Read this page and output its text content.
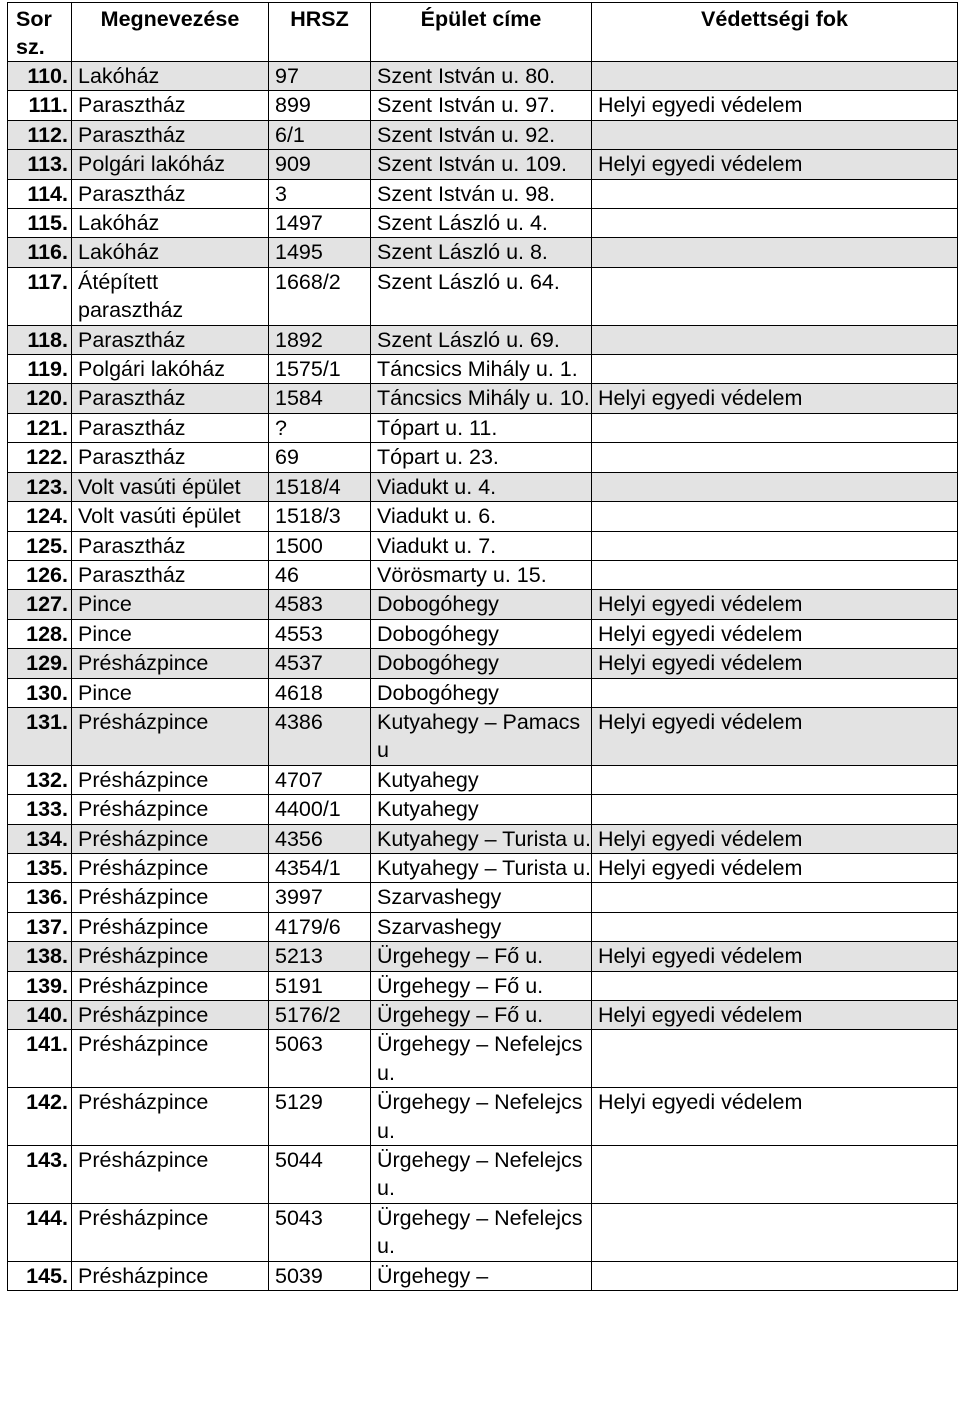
Sor sz.	Megnevezése	HRSZ	Épület címe	Védettségi fok
110.	Lakóház	97	Szent István u. 80.	
111.	Parasztház	899	Szent István u. 97.	Helyi egyedi védelem
112.	Parasztház	6/1	Szent István u. 92.	
113.	Polgári lakóház	909	Szent István u. 109.	Helyi egyedi védelem
114.	Parasztház	3	Szent István u. 98.	
115.	Lakóház	1497	Szent László u. 4.	
116.	Lakóház	1495	Szent László u. 8.	
117.	Átépített parasztház	1668/2	Szent László u. 64.	
118.	Parasztház	1892	Szent László u. 69.	
119.	Polgári lakóház	1575/1	Táncsics Mihály u. 1.	
120.	Parasztház	1584	Táncsics Mihály u. 10.	Helyi egyedi védelem
121.	Parasztház	?	Tópart u. 11.	
122.	Parasztház	69	Tópart u. 23.	
123.	Volt vasúti épület	1518/4	Viadukt u. 4.	
124.	Volt vasúti épület	1518/3	Viadukt u. 6.	
125.	Parasztház	1500	Viadukt u. 7.	
126.	Parasztház	46	Vörösmarty u. 15.	
127.	Pince	4583	Dobogóhegy	Helyi egyedi védelem
128.	Pince	4553	Dobogóhegy	Helyi egyedi védelem
129.	Présházpince	4537	Dobogóhegy	Helyi egyedi védelem
130.	Pince	4618	Dobogóhegy	
131.	Présházpince	4386	Kutyahegy – Pamacs u	Helyi egyedi védelem
132.	Présházpince	4707	Kutyahegy	
133.	Présházpince	4400/1	Kutyahegy	
134.	Présházpince	4356	Kutyahegy – Turista u.	Helyi egyedi védelem
135.	Présházpince	4354/1	Kutyahegy – Turista u.	Helyi egyedi védelem
136.	Présházpince	3997	Szarvashegy	
137.	Présházpince	4179/6	Szarvashegy	
138.	Présházpince	5213	Ürgehegy – Fő u.	Helyi egyedi védelem
139.	Présházpince	5191	Ürgehegy – Fő u.	
140.	Présházpince	5176/2	Ürgehegy – Fő u.	Helyi egyedi védelem
141.	Présházpince	5063	Ürgehegy – Nefelejcs u.	
142.	Présházpince	5129	Ürgehegy – Nefelejcs u.	Helyi egyedi védelem
143.	Présházpince	5044	Ürgehegy – Nefelejcs u.	
144.	Présházpince	5043	Ürgehegy – Nefelejcs u.	
145.	Présházpince	5039	Ürgehegy –	
